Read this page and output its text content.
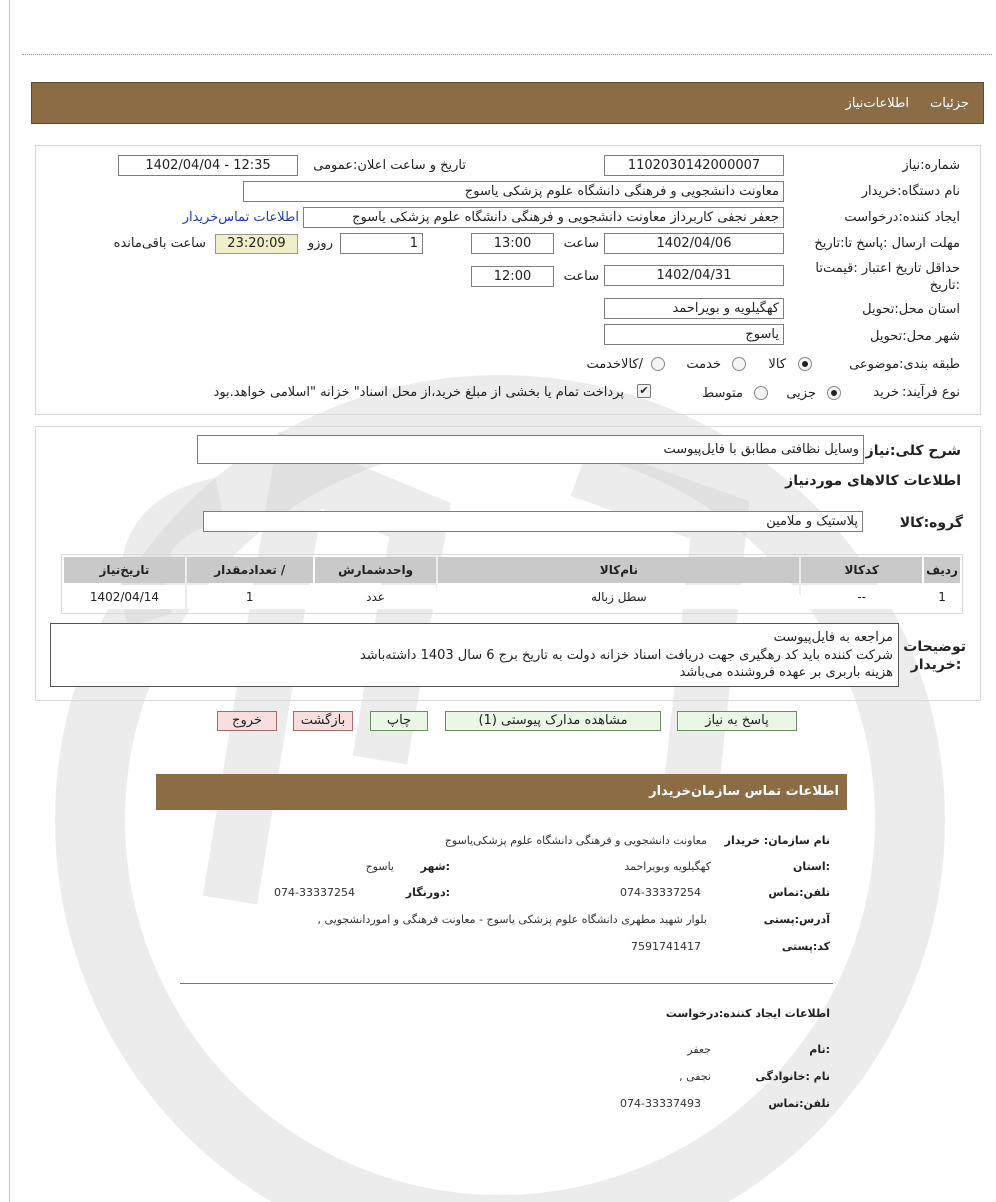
جزئیات
اطلاعات‌نیاز
شماره:نیاز
1102030142000007
تاریخ و ساعت اعلان:عمومی
1402/04/04 - 12:35
نام دستگاه:خریدار
معاونت دانشجویی و فرهنگی دانشگاه علوم پزشکی یاسوج
ایجاد کننده:درخواست
جعفر نجفی کاربرداز معاونت دانشجویی و فرهنگی دانشگاه علوم پزشکی یاسوج
اطلاعات تماس‌خریدار
مهلت ارسال :پاسخ تا:تاریخ
1402/04/06
ساعت
13:00
1
روزو
23:20:09
ساعت باقی‌مانده
حداقل تاریخ اعتبار :قیمت‌تا
:تاریخ
1402/04/31
ساعت
12:00
استان محل:تحویل
کهگیلویه و بویراحمد
شهر محل:تحویل
یاسوج
طبقه بندی:موضوعی
کالا
خدمت
/کالا‌خدمت
نوع فرآیند:
خرید
جزیی
متوسط
✔
پرداخت تمام یا بخشی از مبلغ خرید،از محل اسناد" خزانه "اسلامی خواهد.بود
شرح کلی:نیاز
وسایل نظافتی مطابق با فایل‌پیوست
اطلاعات کالاهای موردنیاز
گروه:کالا
پلاستیک و ملامین
ردیف	کدکالا	نام‌کالا	واحدشمارش	/ تعدادمقدار	تاریخ‌نیاز
1	--	سطل زباله	عدد	1	1402/04/14
توضیحات :خریدار
مراجعه به فایل‌پیوست
شرکت کننده باید کد رهگیری جهت دریافت اسناد خزانه دولت به تاریخ برج 6 سال 1403 داشته‌باشد
هزینه باربری بر عهده فروشنده می‌باشد
پاسخ به نیاز
مشاهده مدارک پیوستی (1)
چاپ
بازگشت
خروج
اطلاعات تماس سازمان‌خریدار
نام سازمان: خریدار
معاونت دانشجویی و فرهنگی دانشگاه علوم پزشکی‌یاسوج
:استان
کهگیلویه وبویراحمد
:شهر
یاسوج
تلفن:تماس
074-33337254
:دورنگار
074-33337254
آدرس:پستی
بلوار شهید مطهری دانشگاه علوم پزشکی یاسوج - معاونت فرهنگی و اموردانشجویی ,
کد:پستی
7591741417
اطلاعات ایجاد کننده:درخواست
:نام
جعفر
نام :خانوادگی
نجفی ,
تلفن:تماس
074-33337493
